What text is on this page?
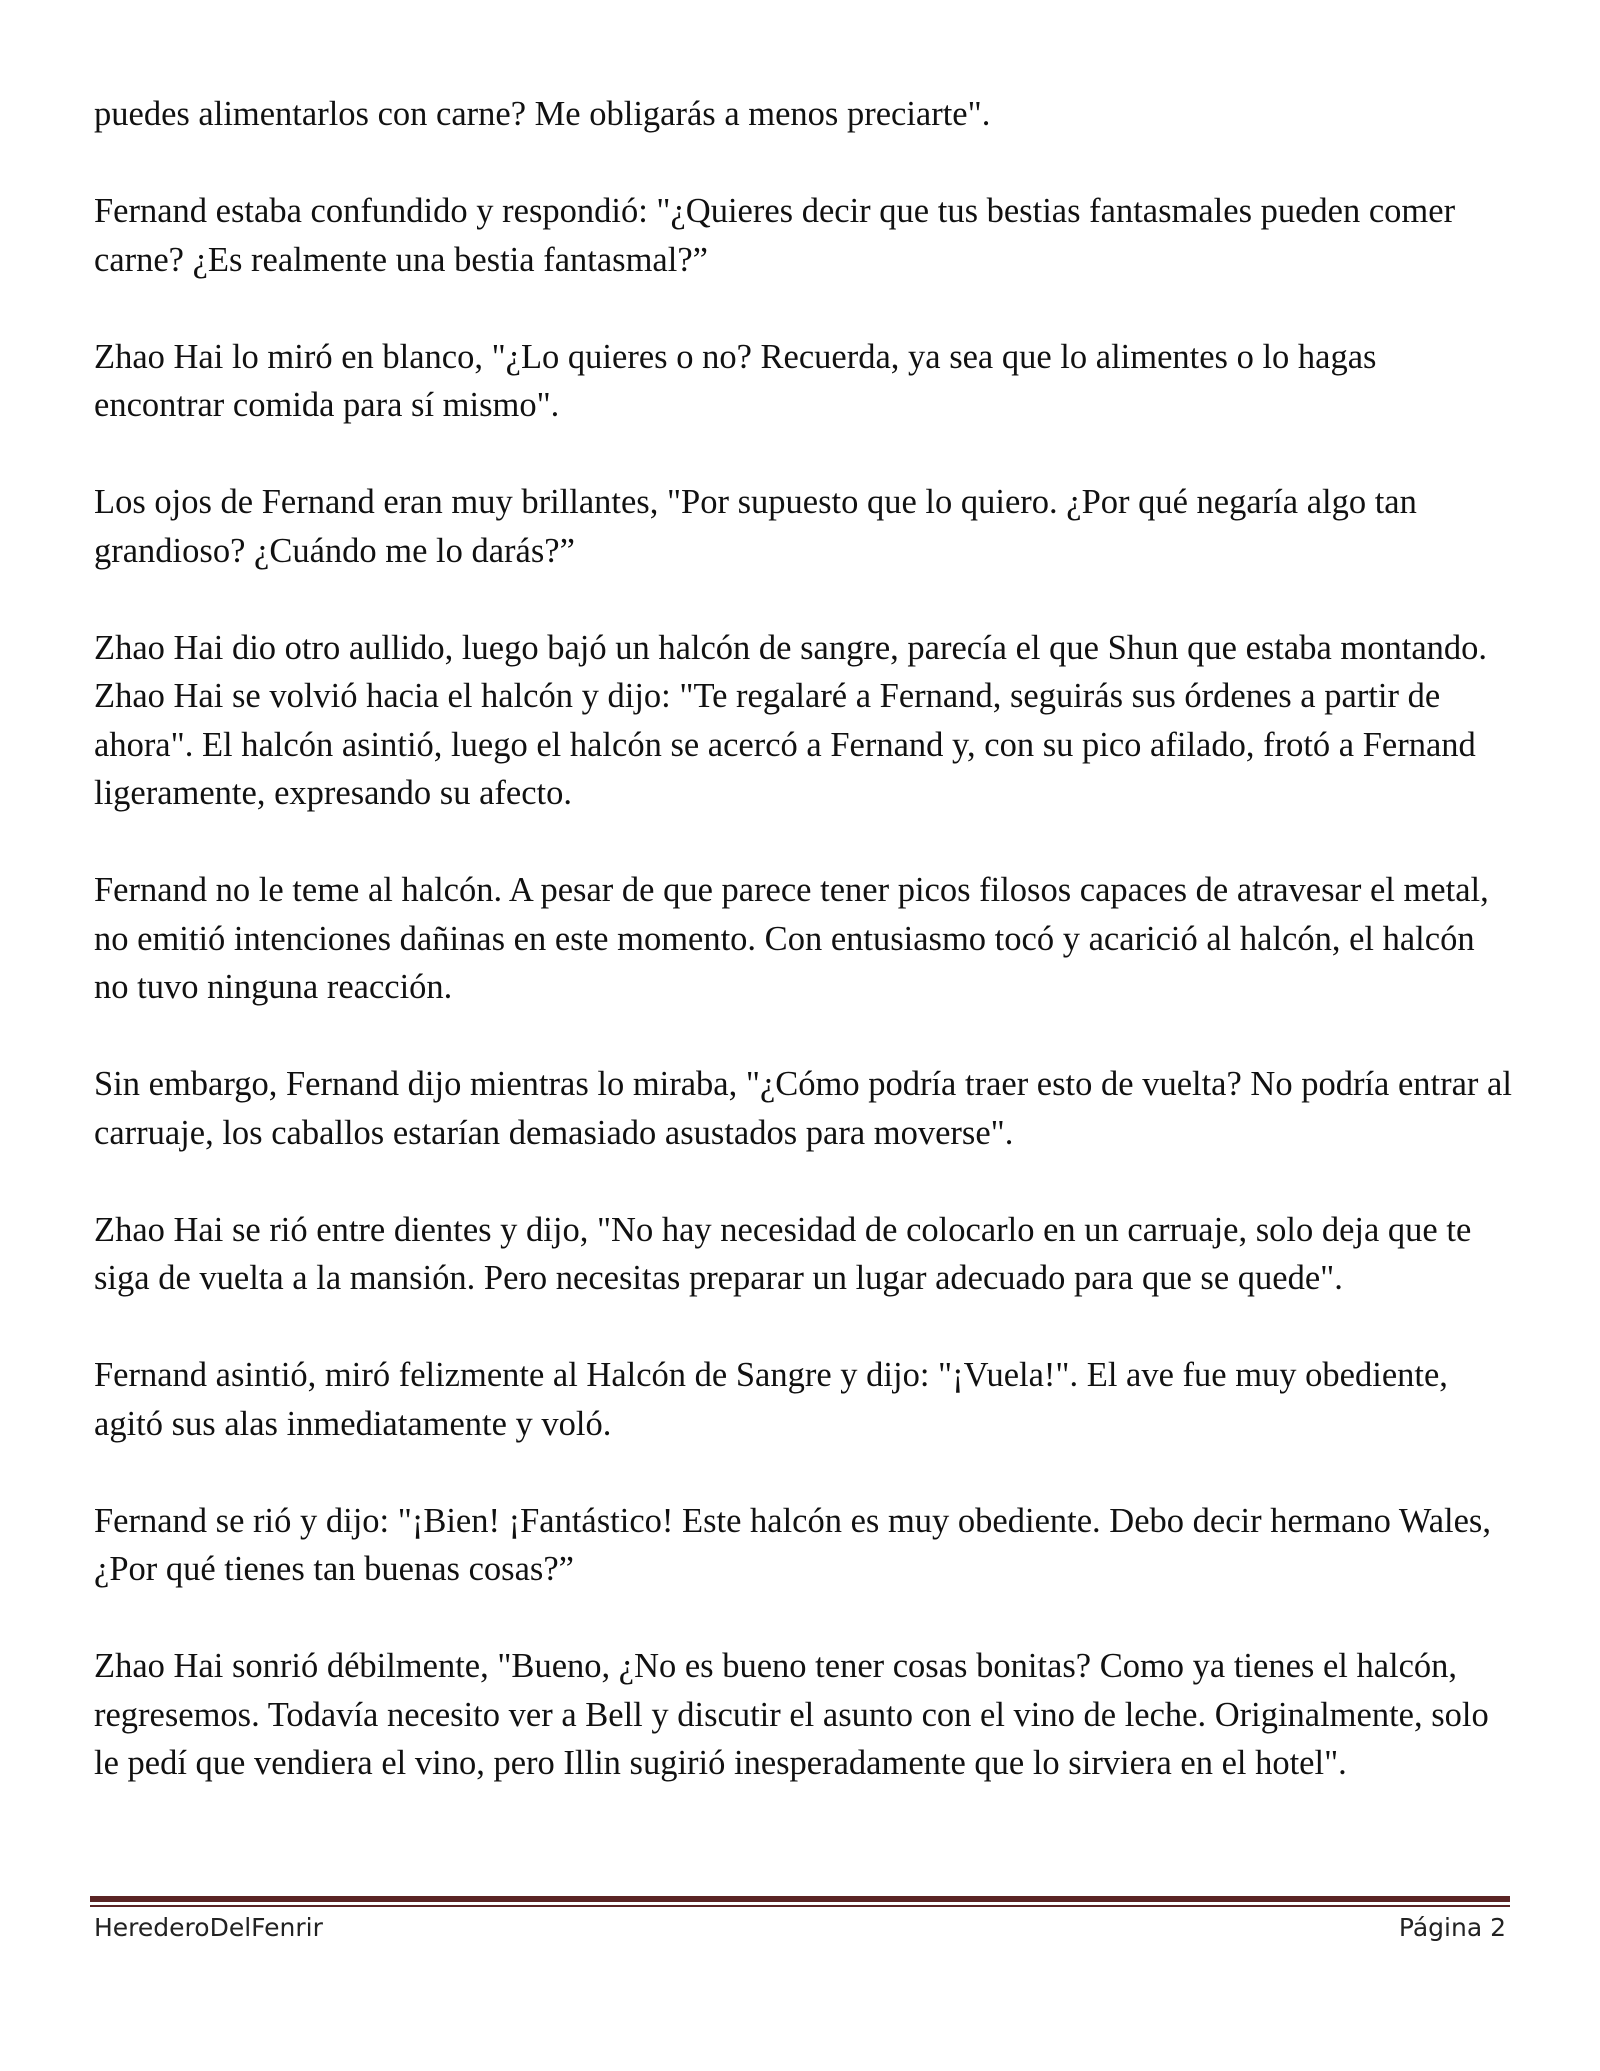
puedes alimentarlos con carne? Me obligarás a menos preciarte".

Fernand estaba confundido y respondió: "¿Quieres decir que tus bestias fantasmales pueden comer carne? ¿Es realmente una bestia fantasmal?”

Zhao Hai lo miró en blanco, "¿Lo quieres o no? Recuerda, ya sea que lo alimentes o lo hagas encontrar comida para sí mismo".

Los ojos de Fernand eran muy brillantes, "Por supuesto que lo quiero. ¿Por qué negaría algo tan grandioso? ¿Cuándo me lo darás?”

Zhao Hai dio otro aullido, luego bajó un halcón de sangre, parecía el que Shun que estaba montando. Zhao Hai se volvió hacia el halcón y dijo: "Te regalaré a Fernand, seguirás sus órdenes a partir de ahora". El halcón asintió, luego el halcón se acercó a Fernand y, con su pico afilado, frotó a Fernand ligeramente, expresando su afecto.

Fernand no le teme al halcón. A pesar de que parece tener picos filosos capaces de atravesar el metal, no emitió intenciones dañinas en este momento. Con entusiasmo tocó y acarició al halcón, el halcón no tuvo ninguna reacción.

Sin embargo, Fernand dijo mientras lo miraba, "¿Cómo podría traer esto de vuelta? No podría entrar al carruaje, los caballos estarían demasiado asustados para moverse".

Zhao Hai se rió entre dientes y dijo, "No hay necesidad de colocarlo en un carruaje, solo deja que te siga de vuelta a la mansión. Pero necesitas preparar un lugar adecuado para que se quede".

Fernand asintió, miró felizmente al Halcón de Sangre y dijo: "¡Vuela!". El ave fue muy obediente, agitó sus alas inmediatamente y voló.

Fernand se rió y dijo: "¡Bien! ¡Fantástico! Este halcón es muy obediente. Debo decir hermano Wales, ¿Por qué tienes tan buenas cosas?”

Zhao Hai sonrió débilmente, "Bueno, ¿No es bueno tener cosas bonitas? Como ya tienes el halcón, regresemos. Todavía necesito ver a Bell y discutir el asunto con el vino de leche. Originalmente, solo le pedí que vendiera el vino, pero Illin sugirió inesperadamente que lo sirviera en el hotel".

HerederoDelFenrir	Página 2
